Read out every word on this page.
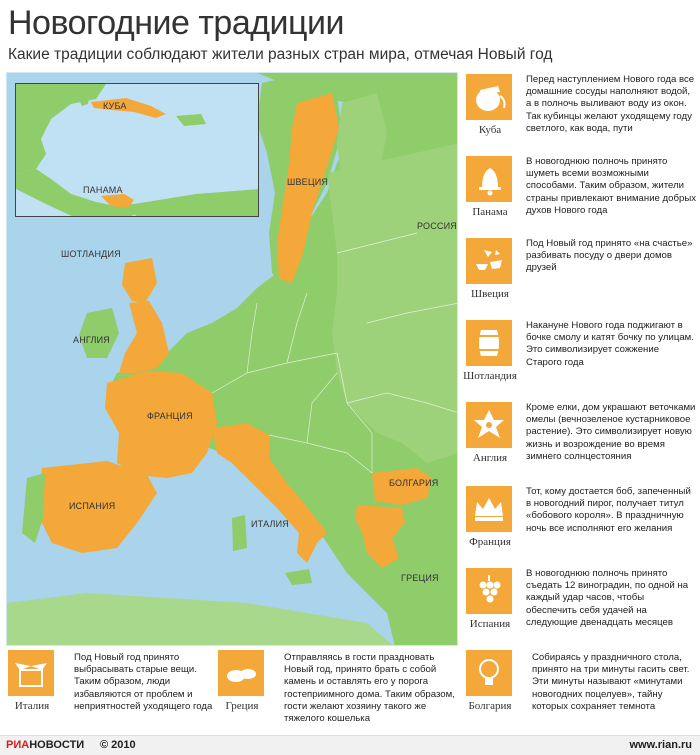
Новогодние традиции
Какие традиции соблюдают жители разных стран мира, отмечая Новый год
КУБА
ПАНАМА
ШВЕЦИЯ
РОССИЯ
ШОТЛАНДИЯ
АНГЛИЯ
ФРАНЦИЯ
ИСПАНИЯ
ИТАЛИЯ
БОЛГАРИЯ
ГРЕЦИЯ
Куба
Перед наступлением Нового года все домашние сосуды наполняют водой, а в полночь выливают воду из окон. Так кубинцы желают уходящему году светлого, как вода, пути
Панама
В новогоднюю полночь принято шуметь всеми возможными способами. Таким образом, жители страны привлекают внимание добрых духов Нового года
Швеция
Под Новый год принято «на счастье» разбивать посуду о двери домов друзей
Шотландия
Накануне Нового года поджигают в бочке смолу и катят бочку по улицам. Это символизирует сожжение Старого года
Англия
Кроме елки, дом украшают веточками омелы (вечнозеленое кустарниковое растение). Это символизирует новую жизнь и возрождение во время зимнего солнцестояния
Франция
Тот, кому достается боб, запеченный в новогодний пирог, получает титул «бобового короля». В праздничную ночь все исполняют его желания
Испания
В новогоднюю полночь принято съедать 12 виноградин, по одной на каждый удар часов, чтобы обеспечить себя удачей на следующие двенадцать месяцев
Италия
Под Новый год принято выбрасывать старые вещи. Таким образом, люди избавляются от проблем и неприятностей уходящего года	Греция
Отправляясь в гости праздновать Новый год, принято брать с собой камень и оставлять его у порога гостеприимного дома. Таким образом, гости желают хозяину такого же тяжелого кошелька
Болгария
Собираясь у праздничного стола, принято на три минуты гасить свет. Эти минуты называют «минутами новогодних поцелуев», тайну которых сохраняет темнота
РИАНОВОСТИ © 2010	www.rian.ru
